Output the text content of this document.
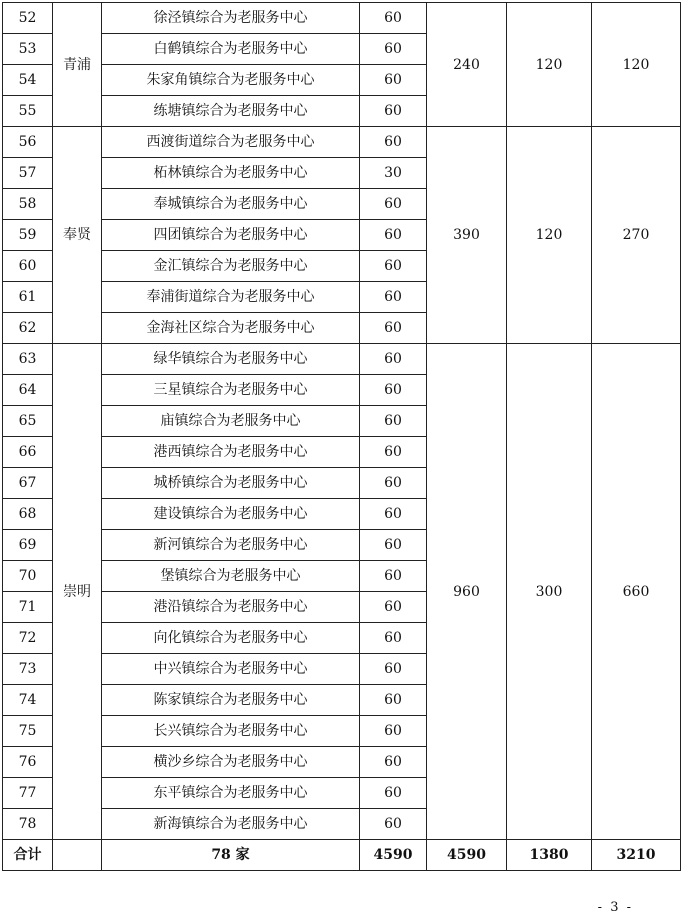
52	青浦	徐泾镇综合为老服务中心	60	240	120	120
53		白鹤镇综合为老服务中心	60			
54		朱家角镇综合为老服务中心	60			
55		练塘镇综合为老服务中心	60			
56	奉贤	西渡街道综合为老服务中心	60	390	120	270
57		柘林镇综合为老服务中心	30			
58		奉城镇综合为老服务中心	60			
59		四团镇综合为老服务中心	60			
60		金汇镇综合为老服务中心	60			
61		奉浦街道综合为老服务中心	60			
62		金海社区综合为老服务中心	60			
63	崇明	绿华镇综合为老服务中心	60	960	300	660
64		三星镇综合为老服务中心	60			
65		庙镇综合为老服务中心	60			
66		港西镇综合为老服务中心	60			
67		城桥镇综合为老服务中心	60			
68		建设镇综合为老服务中心	60			
69		新河镇综合为老服务中心	60			
70		堡镇综合为老服务中心	60			
71		港沿镇综合为老服务中心	60			
72		向化镇综合为老服务中心	60			
73		中兴镇综合为老服务中心	60			
74		陈家镇综合为老服务中心	60			
75		长兴镇综合为老服务中心	60			
76		横沙乡综合为老服务中心	60			
77		东平镇综合为老服务中心	60			
78		新海镇综合为老服务中心	60			
合计		78 家	4590	4590	1380	3210
- 3 -
